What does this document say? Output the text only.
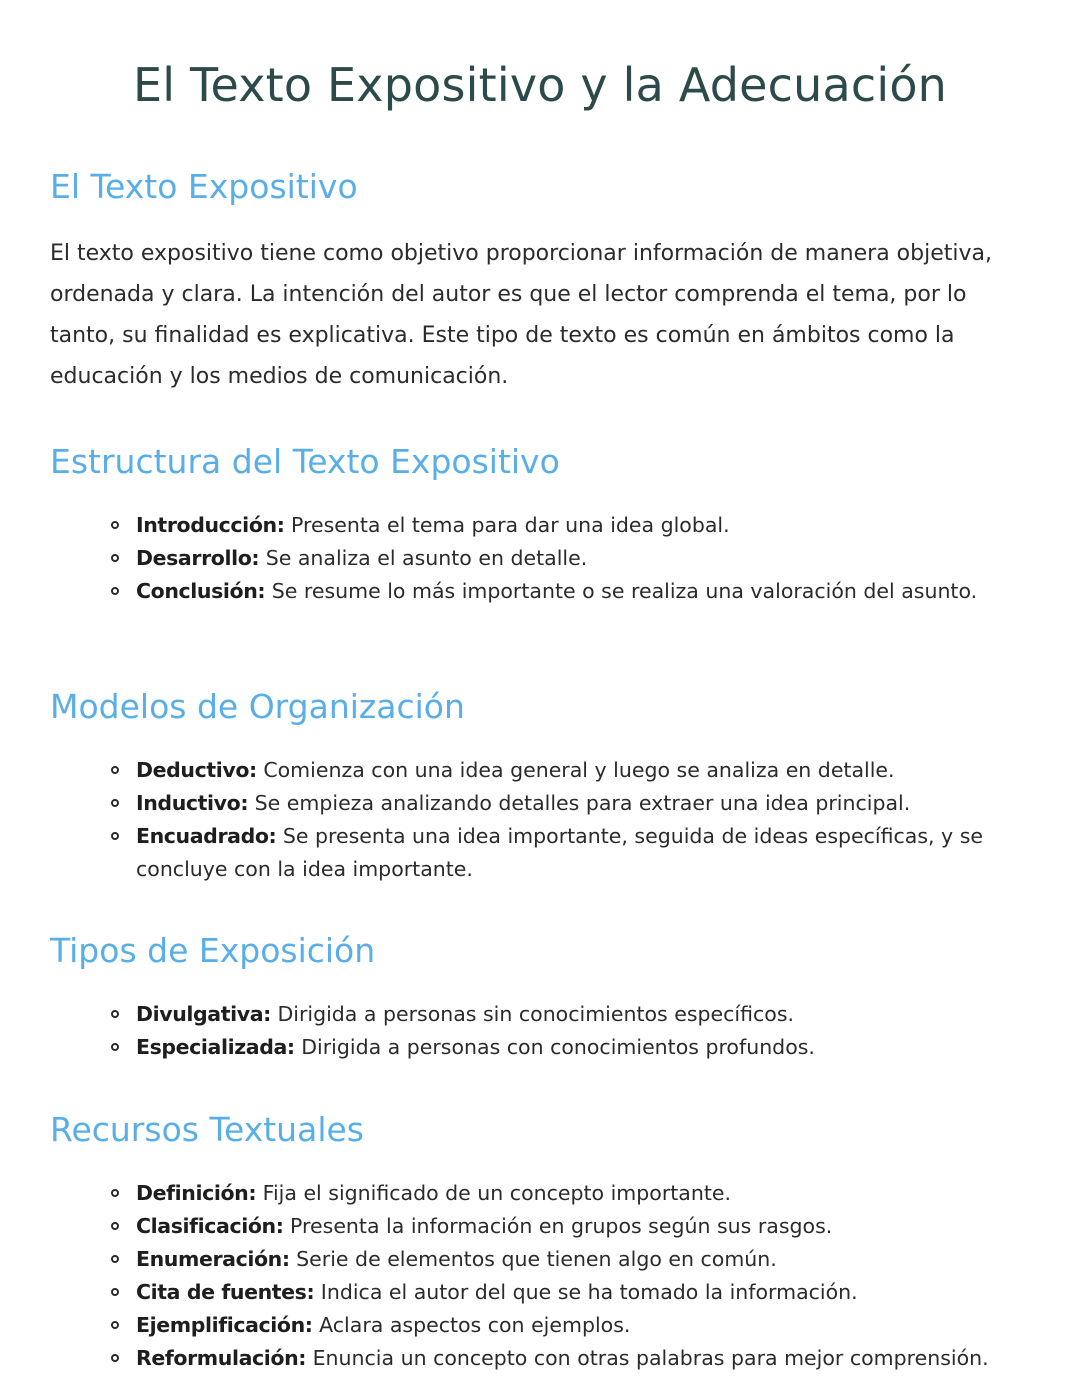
El Texto Expositivo y la Adecuación
El Texto Expositivo

El texto expositivo tiene como objetivo proporcionar información de manera objetiva, ordenada y clara. La intención del autor es que el lector comprenda el tema, por lo tanto, su finalidad es explicativa. Este tipo de texto es común en ámbitos como la educación y los medios de comunicación.

Estructura del Texto Expositivo
Introducción: Presenta el tema para dar una idea global.
Desarrollo: Se analiza el asunto en detalle.
Conclusión: Se resume lo más importante o se realiza una valoración del asunto.
Modelos de Organización
Deductivo: Comienza con una idea general y luego se analiza en detalle.
Inductivo: Se empieza analizando detalles para extraer una idea principal.
Encuadrado: Se presenta una idea importante, seguida de ideas específicas, y se concluye con la idea importante.
Tipos de Exposición
Divulgativa: Dirigida a personas sin conocimientos específicos.
Especializada: Dirigida a personas con conocimientos profundos.
Recursos Textuales
Definición: Fija el significado de un concepto importante.
Clasificación: Presenta la información en grupos según sus rasgos.
Enumeración: Serie de elementos que tienen algo en común.
Cita de fuentes: Indica el autor del que se ha tomado la información.
Ejemplificación: Aclara aspectos con ejemplos.
Reformulación: Enuncia un concepto con otras palabras para mejor comprensión.
